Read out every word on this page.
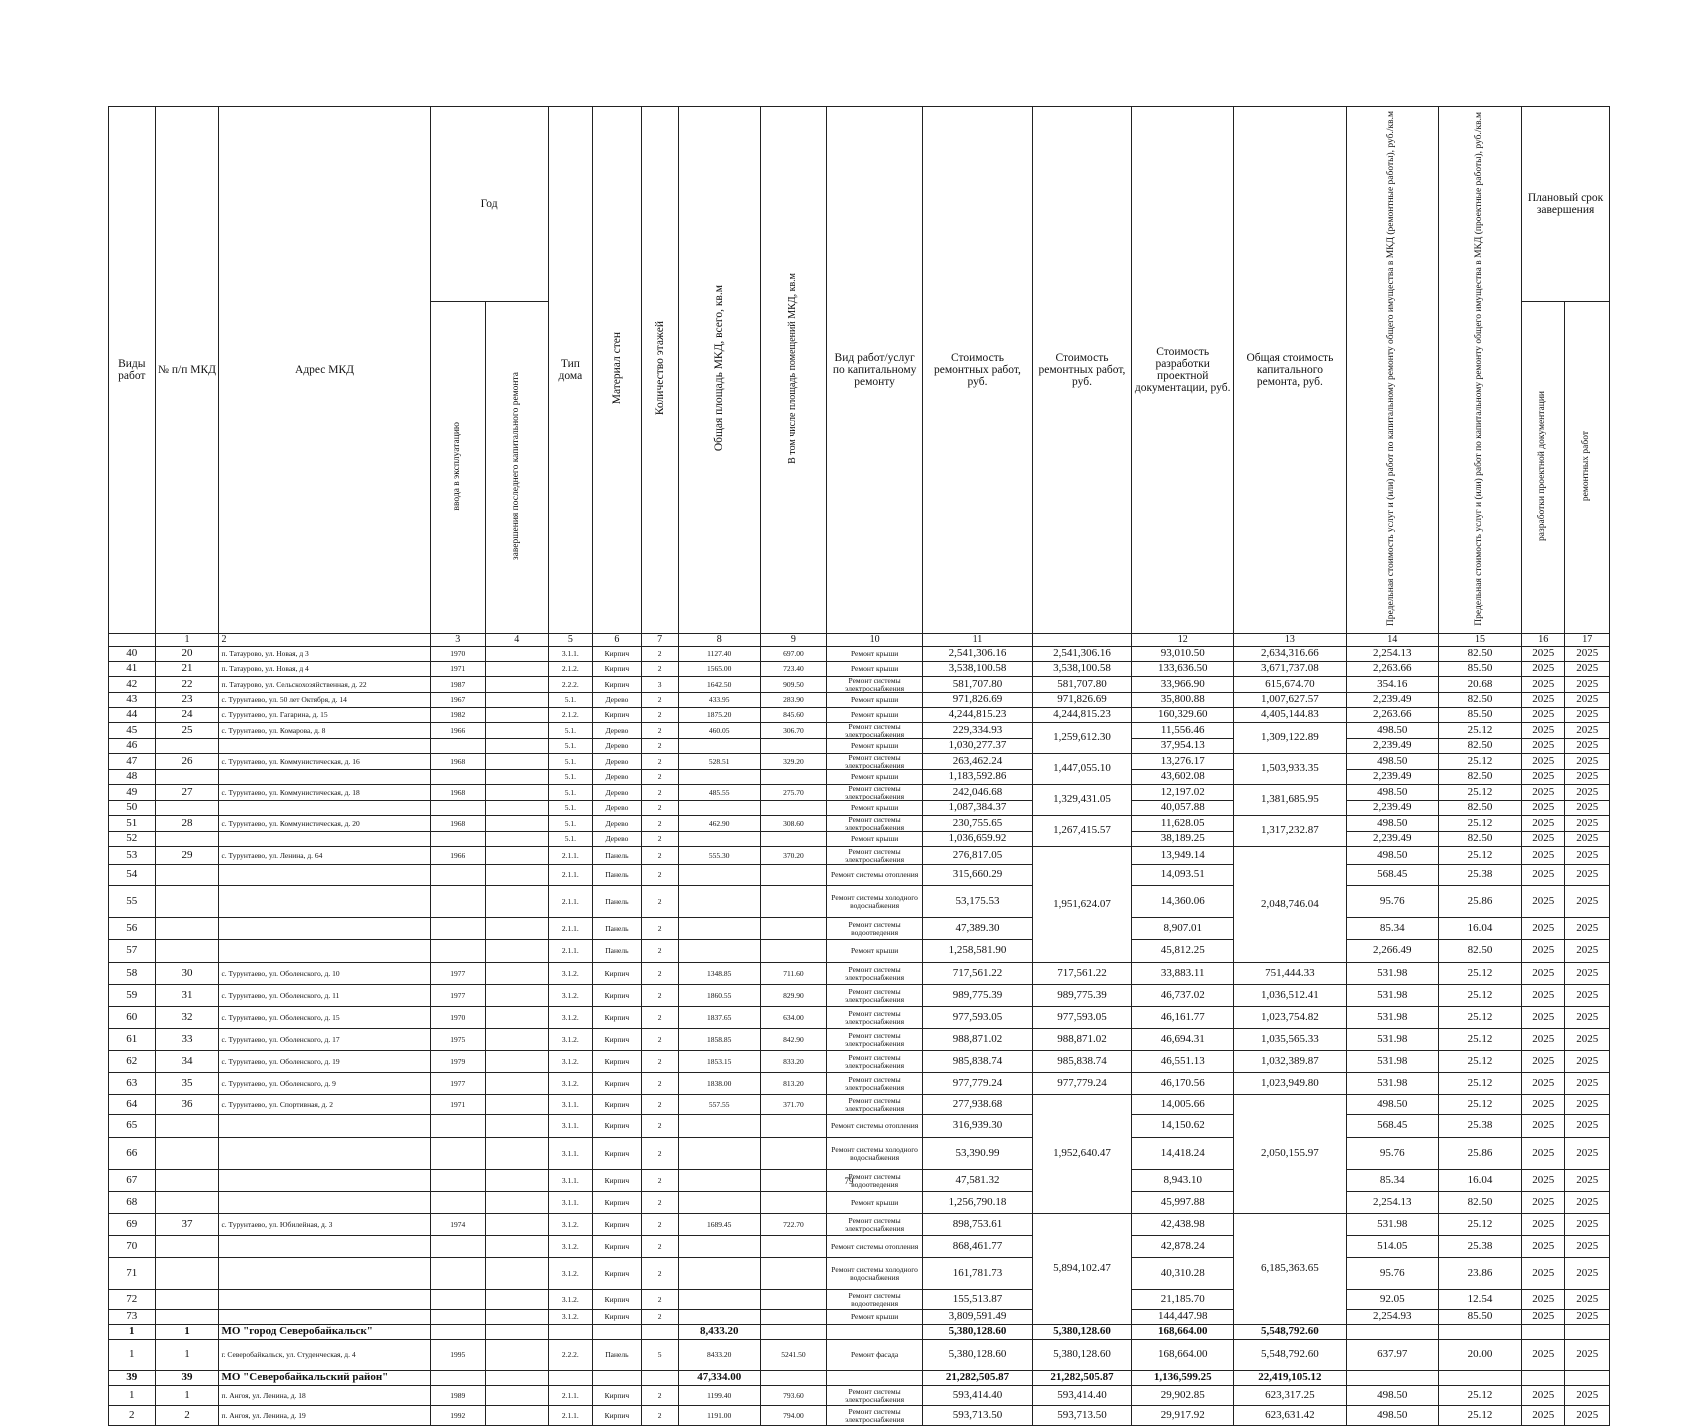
Виды работ	№ п/п МКД	Адрес МКД	Год		Тип дома	Материал стен	Количество этажей	Общая площадь МКД, всего, кв.м	В том числе площадь помещений МКД, кв.м	Вид работ/услуг по капитальному ремонту	Стоимость ремонтных работ, руб.	Стоимость ремонтных работ, руб.	Стоимость разработки проектной документации, руб.	Общая стоимость капитального ремонта, руб.	Предельная стоимость услуг и (или) работ по капитальному ремонту общего имущества в МКД (ремонтные работы), руб./кв.м	Предельная стоимость услуг и (или) работ по капитальному ремонту общего имущества в МКД (проектные работы), руб./кв.м	Плановый срок завершения	
			ввода в эксплуатацию	завершения последнего капитального ремонта													разработки проектной документации	ремонтных работ
	1	2	3	4	5	6	7	8	9	10	11		12	13	14	15	16	17
40	20	п. Татаурово, ул. Новая, д 3	1970		3.1.1.	Кирпич	2	1127.40	697.00	Ремонт крыши	2,541,306.16	2,541,306.16	93,010.50	2,634,316.66	2,254.13	82.50	2025	2025
41	21	п. Татаурово, ул. Новая, д 4	1971		2.1.2.	Кирпич	2	1565.00	723.40	Ремонт крыши	3,538,100.58	3,538,100.58	133,636.50	3,671,737.08	2,263.66	85.50	2025	2025
42	22	п. Татаурово, ул. Сельскохозяйственная, д. 22	1987		2.2.2.	Кирпич	3	1642.50	909.50	Ремонт системы электроснабжения	581,707.80	581,707.80	33,966.90	615,674.70	354.16	20.68	2025	2025
43	23	с. Турунтаево, ул. 50 лет Октября, д. 14	1967		5.1.	Дерево	2	433.95	283.90	Ремонт крыши	971,826.69	971,826.69	35,800.88	1,007,627.57	2,239.49	82.50	2025	2025
44	24	с. Турунтаево, ул. Гагарина, д. 15	1982		2.1.2.	Кирпич	2	1875.20	845.60	Ремонт крыши	4,244,815.23	4,244,815.23	160,329.60	4,405,144.83	2,263.66	85.50	2025	2025
45	25	с. Турунтаево, ул. Комарова, д. 8	1966		5.1.	Дерево	2	460.05	306.70	Ремонт системы электроснабжения	229,334.93	1,259,612.30	11,556.46	1,309,122.89	498.50	25.12	2025	2025
46					5.1.	Дерево	2			Ремонт крыши	1,030,277.37		37,954.13		2,239.49	82.50	2025	2025
47	26	с. Турунтаево, ул. Коммунистическая, д. 16	1968		5.1.	Дерево	2	528.51	329.20	Ремонт системы электроснабжения	263,462.24	1,447,055.10	13,276.17	1,503,933.35	498.50	25.12	2025	2025
48					5.1.	Дерево	2			Ремонт крыши	1,183,592.86		43,602.08		2,239.49	82.50	2025	2025
49	27	с. Турунтаево, ул. Коммунистическая, д. 18	1968		5.1.	Дерево	2	485.55	275.70	Ремонт системы электроснабжения	242,046.68	1,329,431.05	12,197.02	1,381,685.95	498.50	25.12	2025	2025
50					5.1.	Дерево	2			Ремонт крыши	1,087,384.37		40,057.88		2,239.49	82.50	2025	2025
51	28	с. Турунтаево, ул. Коммунистическая, д. 20	1968		5.1.	Дерево	2	462.90	308.60	Ремонт системы электроснабжения	230,755.65	1,267,415.57	11,628.05	1,317,232.87	498.50	25.12	2025	2025
52					5.1.	Дерево	2			Ремонт крыши	1,036,659.92		38,189.25		2,239.49	82.50	2025	2025
53	29	с. Турунтаево, ул. Ленина, д. 64	1966		2.1.1.	Панель	2	555.30	370.20	Ремонт системы электроснабжения	276,817.05	1,951,624.07	13,949.14	2,048,746.04	498.50	25.12	2025	2025
54					2.1.1.	Панель	2			Ремонт системы отопления	315,660.29		14,093.51		568.45	25.38	2025	2025
55					2.1.1.	Панель	2			Ремонт системы холодного водоснабжения	53,175.53		14,360.06		95.76	25.86	2025	2025
56					2.1.1.	Панель	2			Ремонт системы водоотведения	47,389.30		8,907.01		85.34	16.04	2025	2025
57					2.1.1.	Панель	2			Ремонт крыши	1,258,581.90		45,812.25		2,266.49	82.50	2025	2025
58	30	с. Турунтаево, ул. Оболенского, д. 10	1977		3.1.2.	Кирпич	2	1348.85	711.60	Ремонт системы электроснабжения	717,561.22	717,561.22	33,883.11	751,444.33	531.98	25.12	2025	2025
59	31	с. Турунтаево, ул. Оболенского, д. 11	1977		3.1.2.	Кирпич	2	1860.55	829.90	Ремонт системы электроснабжения	989,775.39	989,775.39	46,737.02	1,036,512.41	531.98	25.12	2025	2025
60	32	с. Турунтаево, ул. Оболенского, д. 15	1970		3.1.2.	Кирпич	2	1837.65	634.00	Ремонт системы электроснабжения	977,593.05	977,593.05	46,161.77	1,023,754.82	531.98	25.12	2025	2025
61	33	с. Турунтаево, ул. Оболенского, д. 17	1975		3.1.2.	Кирпич	2	1858.85	842.90	Ремонт системы электроснабжения	988,871.02	988,871.02	46,694.31	1,035,565.33	531.98	25.12	2025	2025
62	34	с. Турунтаево, ул. Оболенского, д. 19	1979		3.1.2.	Кирпич	2	1853.15	833.20	Ремонт системы электроснабжения	985,838.74	985,838.74	46,551.13	1,032,389.87	531.98	25.12	2025	2025
63	35	с. Турунтаево, ул. Оболенского, д. 9	1977		3.1.2.	Кирпич	2	1838.00	813.20	Ремонт системы электроснабжения	977,779.24	977,779.24	46,170.56	1,023,949.80	531.98	25.12	2025	2025
64	36	с. Турунтаево, ул. Спортивная, д. 2	1971		3.1.1.	Кирпич	2	557.55	371.70	Ремонт системы электроснабжения	277,938.68	1,952,640.47	14,005.66	2,050,155.97	498.50	25.12	2025	2025
65					3.1.1.	Кирпич	2			Ремонт системы отопления	316,939.30		14,150.62		568.45	25.38	2025	2025
66					3.1.1.	Кирпич	2			Ремонт системы холодного водоснабжения	53,390.99		14,418.24		95.76	25.86	2025	2025
67					3.1.1.	Кирпич	2			Ремонт системы водоотведения	47,581.32		8,943.10		85.34	16.04	2025	2025
68					3.1.1.	Кирпич	2			Ремонт крыши	1,256,790.18		45,997.88		2,254.13	82.50	2025	2025
69	37	с. Турунтаево, ул. Юбилейная, д. 3	1974		3.1.2.	Кирпич	2	1689.45	722.70	Ремонт системы электроснабжения	898,753.61	5,894,102.47	42,438.98	6,185,363.65	531.98	25.12	2025	2025
70					3.1.2.	Кирпич	2			Ремонт системы отопления	868,461.77		42,878.24		514.05	25.38	2025	2025
71					3.1.2.	Кирпич	2			Ремонт системы холодного водоснабжения	161,781.73		40,310.28		95.76	23.86	2025	2025
72					3.1.2.	Кирпич	2			Ремонт системы водоотведения	155,513.87		21,185.70		92.05	12.54	2025	2025
73					3.1.2.	Кирпич	2			Ремонт крыши	3,809,591.49		144,447.98		2,254.93	85.50	2025	2025
1	1	МО "город Северобайкальск"						8,433.20			5,380,128.60	5,380,128.60	168,664.00	5,548,792.60				
1	1	г. Северобайкальск, ул. Студенческая, д. 4	1995		2.2.2.	Панель	5	8433.20	5241.50	Ремонт фасада	5,380,128.60	5,380,128.60	168,664.00	5,548,792.60	637.97	20.00	2025	2025
39	39	МО "Северобайкальский район"						47,334.00			21,282,505.87	21,282,505.87	1,136,599.25	22,419,105.12				
1	1	п. Ангоя, ул. Ленина, д. 18	1989		2.1.1.	Кирпич	2	1199.40	793.60	Ремонт системы электроснабжения	593,414.40	593,414.40	29,902.85	623,317.25	498.50	25.12	2025	2025
2	2	п. Ангоя, ул. Ленина, д. 19	1992		2.1.1.	Кирпич	2	1191.00	794.00	Ремонт системы электроснабжения	593,713.50	593,713.50	29,917.92	623,631.42	498.50	25.12	2025	2025
79
